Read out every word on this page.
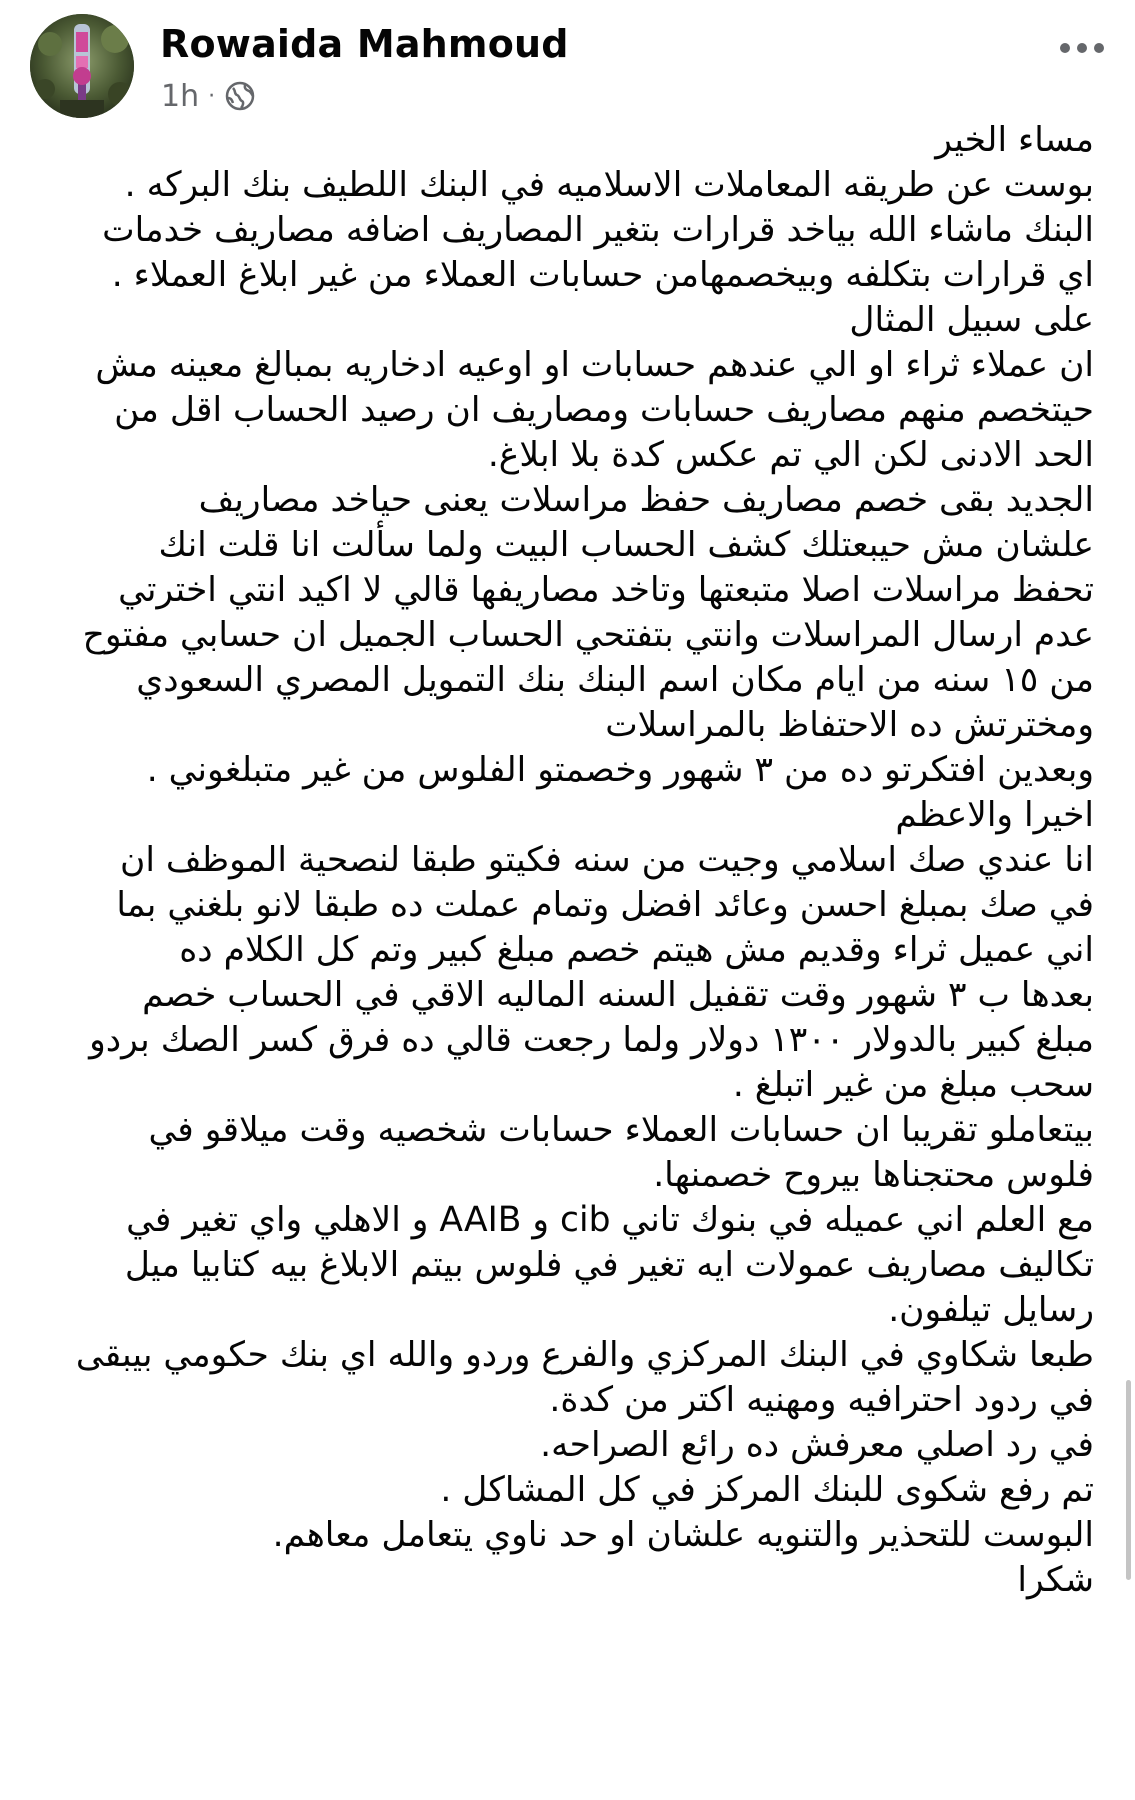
Rowaida Mahmoud
1h ·
مساء الخير
بوست عن طريقه المعاملات الاسلاميه في البنك اللطيف بنك البركه .
البنك ماشاء الله بياخد قرارات بتغير المصاريف اضافه مصاريف خدمات
اي قرارات بتكلفه وبيخصمهامن حسابات العملاء من غير ابلاغ العملاء .
على سبيل المثال
ان عملاء ثراء او الي عندهم حسابات او اوعيه ادخاريه بمبالغ معينه مش
حيتخصم منهم مصاريف حسابات ومصاريف ان رصيد الحساب اقل من
الحد الادنى لكن الي تم عكس كدة بلا ابلاغ.
الجديد بقى خصم مصاريف حفظ مراسلات يعنى حياخد مصاريف
علشان مش حيبعتلك كشف الحساب البيت ولما سألت انا قلت انك
تحفظ مراسلات اصلا متبعتها وتاخد مصاريفها قالي لا اكيد انتي اخترتي
عدم ارسال المراسلات وانتي بتفتحي الحساب الجميل ان حسابي مفتوح
من ١٥ سنه من ايام مكان اسم البنك بنك التمويل المصري السعودي
ومخترتش ده الاحتفاظ بالمراسلات
وبعدين افتكرتو ده من ٣ شهور وخصمتو الفلوس من غير متبلغوني .
اخيرا والاعظم
انا عندي صك اسلامي وجيت من سنه فكيتو طبقا لنصحية الموظف ان
في صك بمبلغ احسن وعائد افضل وتمام عملت ده طبقا لانو بلغني بما
اني عميل ثراء وقديم مش هيتم خصم مبلغ كبير وتم كل الكلام ده
بعدها ب ٣ شهور وقت تقفيل السنه الماليه الاقي في الحساب خصم
مبلغ كبير بالدولار ١٣٠٠ دولار ولما رجعت قالي ده فرق كسر الصك بردو
سحب مبلغ من غير اتبلغ .
بيتعاملو تقريبا ان حسابات العملاء حسابات شخصيه وقت ميلاقو في
فلوس محتجناها بيروح خصمنها.
مع العلم اني عميله في بنوك تاني cib و AAIB و الاهلي واي تغير في
تكاليف مصاريف عمولات ايه تغير في فلوس بيتم الابلاغ بيه كتابيا ميل
رسايل تيلفون.
طبعا شكاوي في البنك المركزي والفرع وردو والله اي بنك حكومي بيبقى
في ردود احترافيه ومهنيه اكتر من كدة.
في رد اصلي معرفش ده رائع الصراحه.
تم رفع شكوى للبنك المركز في كل المشاكل .
البوست للتحذير والتنويه علشان او حد ناوي يتعامل معاهم.
شكرا
